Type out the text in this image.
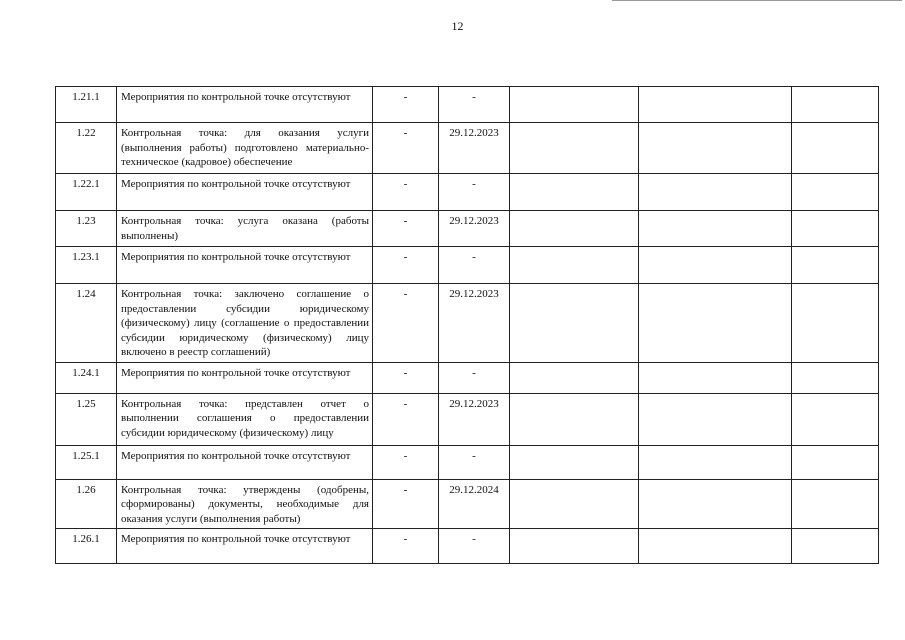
12
1.21.1	Мероприятия по контрольной точке отсутствуют	-	-			
1.22	Контрольная точка: для оказания услуги (выполнения работы) подготовлено материально-техническое (кадровое) обеспечение	-	29.12.2023			
1.22.1	Мероприятия по контрольной точке отсутствуют	-	-			
1.23	Контрольная точка: услуга оказана (работы выполнены)	-	29.12.2023			
1.23.1	Мероприятия по контрольной точке отсутствуют	-	-			
1.24	Контрольная точка: заключено соглашение о предоставлении субсидии юридическому (физическому) лицу (соглашение о предоставлении субсидии юридическому (физическому) лицу включено в реестр соглашений)	-	29.12.2023			
1.24.1	Мероприятия по контрольной точке отсутствуют	-	-			
1.25	Контрольная точка: представлен отчет о выполнении соглашения о предоставлении субсидии юридическому (физическому) лицу	-	29.12.2023			
1.25.1	Мероприятия по контрольной точке отсутствуют	-	-			
1.26	Контрольная точка: утверждены (одобрены, сформированы) документы, необходимые для оказания услуги (выполнения работы)	-	29.12.2024			
1.26.1	Мероприятия по контрольной точке отсутствуют	-	-			
